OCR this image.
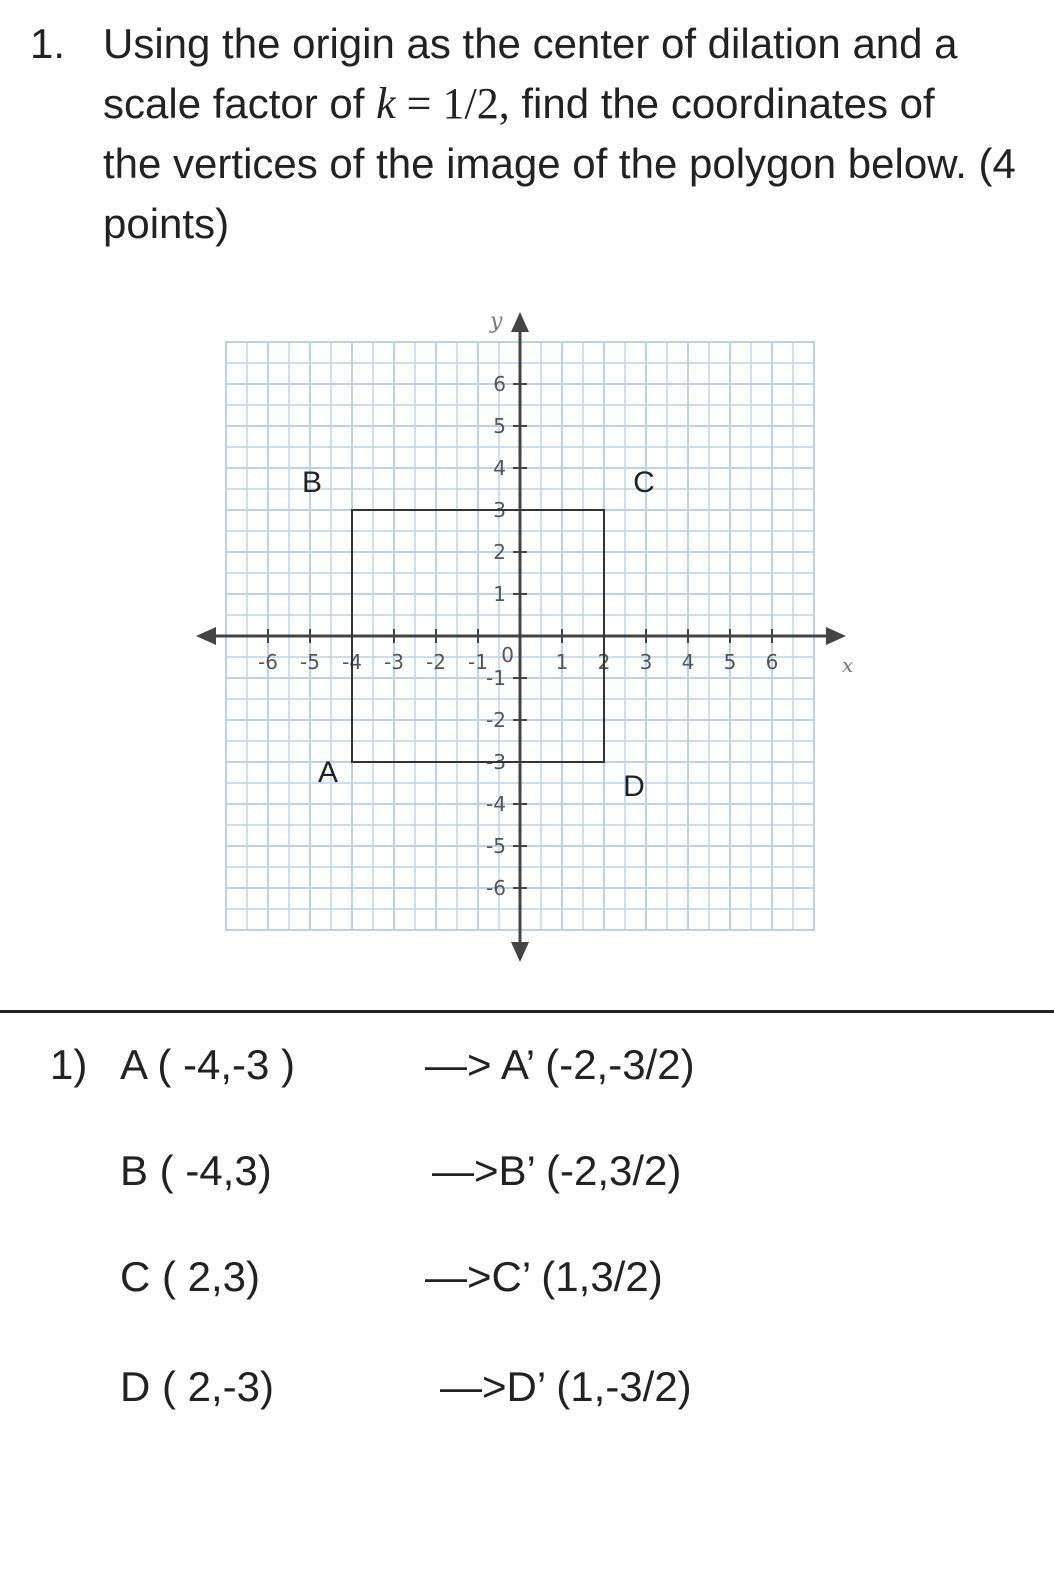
1. Using the origin as the center of dilation and a
scale factor of k = 1/2, find the coordinates of
the vertices of the image of the polygon below. (4
points)
x
y
-6 -5 -4 -3 -2 -1	1 2 3 4 5 6
6
5
4
3
2
1
-1
-2
-3
-4
-5
-6
0
A
B	C
D
1) A ( -4,-3 )	—> A’ (-2,-3/2)
B ( -4,3)	—>B’ (-2,3/2)
C ( 2,3)	—>C’ (1,3/2)
D ( 2,-3)	—>D’ (1,-3/2)
